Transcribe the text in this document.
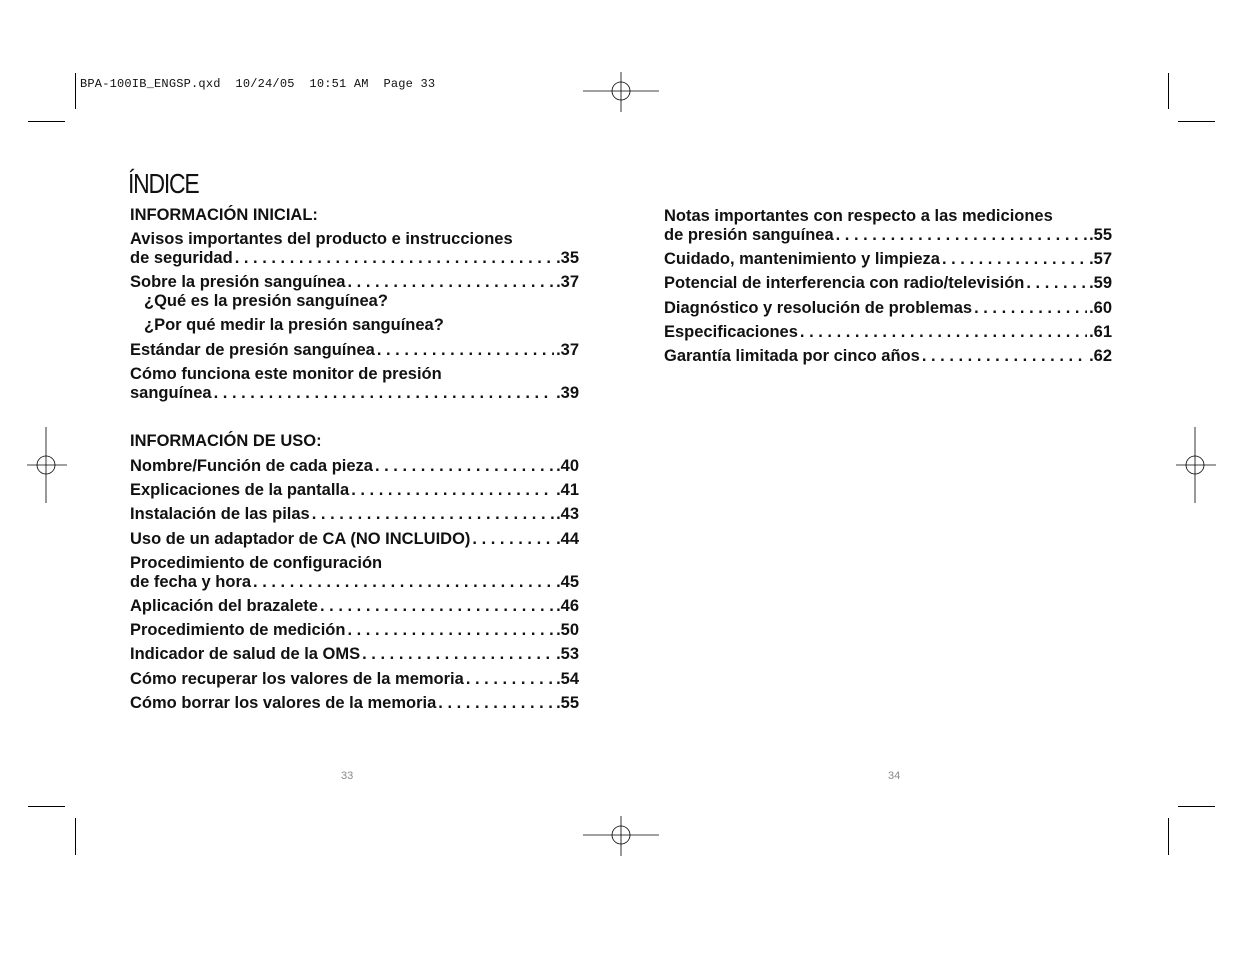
BPA-100IB_ENGSP.qxd  10/24/05  10:51 AM  Page 33
ÍNDICE
INFORMACIÓN INICIAL:
Avisos importantes del producto e instrucciones
de seguridad . . .	.35
Sobre la presión sanguínea . . .	.37
¿Qué es la presión sanguínea?
¿Por qué medir la presión sanguínea?
Estándar de presión sanguínea . . .	.37
Cómo funciona este monitor de presión
sanguínea . . .	.39
INFORMACIÓN DE USO:
Nombre/Función de cada pieza . . .	.40
Explicaciones de la pantalla . . .	.41
Instalación de las pilas . . .	.43
Uso de un adaptador de CA (NO INCLUIDO) . . .	.44
Procedimiento de configuración
de fecha y hora . . .	.45
Aplicación del brazalete . . .	.46
Procedimiento de medición . . .	.50
Indicador de salud de la OMS . . .	.53
Cómo recuperar los valores de la memoria . . .	.54
Cómo borrar los valores de la memoria . . .	.55
33
Notas importantes con respecto a las mediciones
de presión sanguínea . . .	.55
Cuidado, mantenimiento y limpieza . . .	.57
Potencial de interferencia con radio/televisión . . .	.59
Diagnóstico y resolución de problemas . . .	.60
Especificaciones . . .	.61
Garantía limitada por cinco años . . .	.62
34
